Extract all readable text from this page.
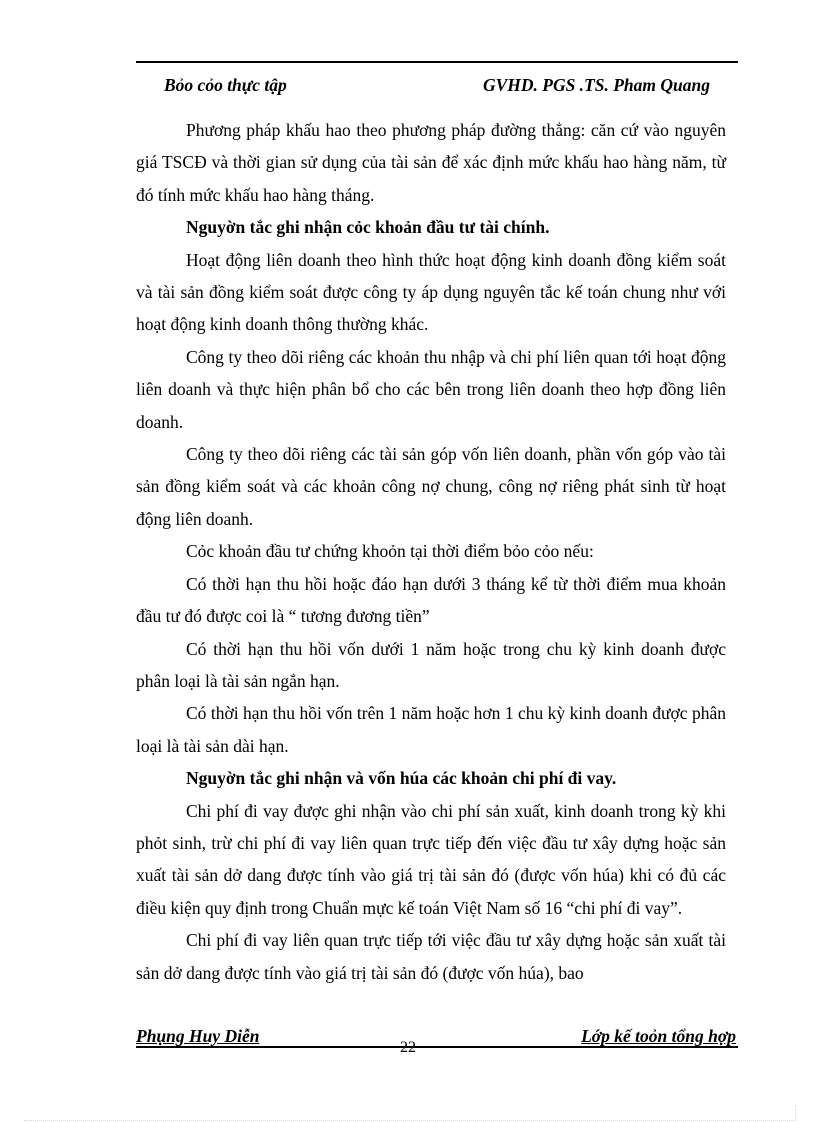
Bỏo cỏo thực tập	GVHD. PGS .TS. Pham Quang

Phương pháp khấu hao theo phương pháp đường thẳng: căn cứ vào nguyên giá TSCĐ và thời gian sử dụng của tài sản để xác định mức khấu hao hàng năm, từ đó tính mức khấu hao hàng tháng.

Nguyờn tắc ghi nhận cỏc khoản đầu tư tài chính.

Hoạt động liên doanh theo hình thức hoạt động kinh doanh đồng kiểm soát và tài sản đồng kiểm soát được công ty áp dụng nguyên tắc kế toán chung như với hoạt động kinh doanh thông thường khác.

Công ty theo dõi riêng các khoản thu nhập và chi phí liên quan tới hoạt động liên doanh và thực hiện phân bổ cho các bên trong liên doanh theo hợp đồng liên doanh.

Công ty theo dõi riêng các tài sản góp vốn liên doanh, phần vốn góp vào tài sản đồng kiểm soát và các khoản công nợ chung, công nợ riêng phát sinh từ hoạt động liên doanh.

Cỏc khoản đầu tư chứng khoỏn tại thời điểm bỏo cỏo nếu:

Có thời hạn thu hồi hoặc đáo hạn dưới 3 tháng kể từ thời điểm mua khoản đầu tư đó được coi là “ tương đương tiền”

Có thời hạn thu hồi vốn dưới 1 năm hoặc trong chu kỳ kinh doanh được phân loại là tài sản ngắn hạn.

Có thời hạn thu hồi vốn trên 1 năm hoặc hơn 1 chu kỳ kinh doanh được phân loại là tài sản dài hạn.

Nguyờn tắc ghi nhận và vốn húa các khoản chi phí đi vay.

Chi phí đi vay được ghi nhận vào chi phí sản xuất, kinh doanh trong kỳ khi phỏt sinh, trừ chi phí đi vay liên quan trực tiếp đến việc đầu tư xây dựng hoặc sản xuất tài sản dở dang được tính vào giá trị tài sản đó (được vốn húa) khi có đủ các điều kiện quy định trong Chuẩn mực kế toán Việt Nam số 16 “chi phí đi vay”.

Chi phí đi vay liên quan trực tiếp tới việc đầu tư xây dựng hoặc sản xuất tài sản dở dang được tính vào giá trị tài sản đó (được vốn húa), bao

Phụng Huy Diễn	Lớp kế toỏn tổng hợp
22
